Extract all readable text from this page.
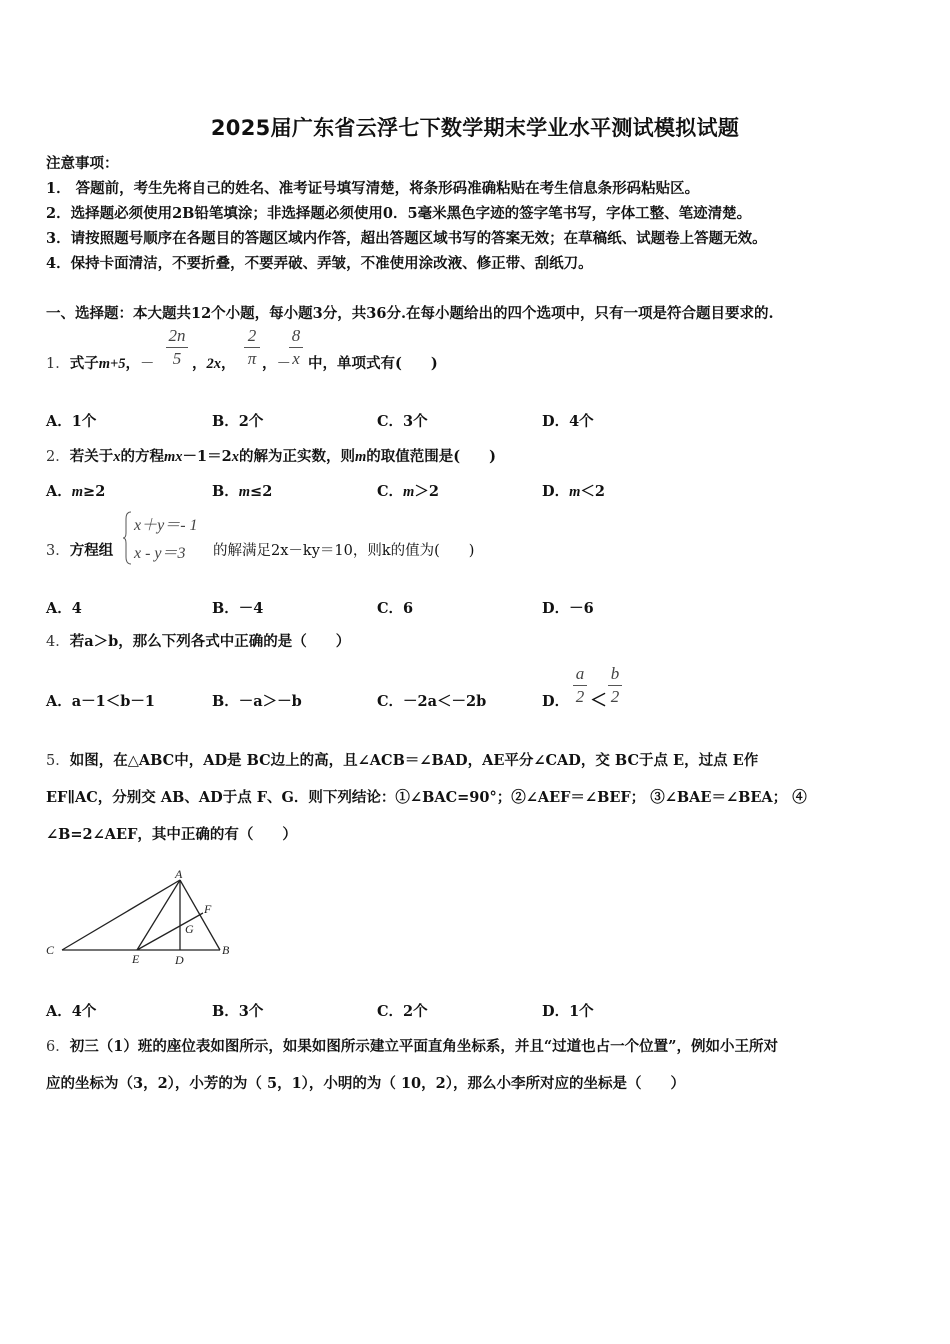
2025届广东省云浮七下数学期末学业水平测试模拟试题
注意事项：
1． 答题前，考生先将自己的姓名、准考证号填写清楚，将条形码准确粘贴在考生信息条形码粘贴区。
2．选择题必须使用2B铅笔填涂；非选择题必须使用0．5毫米黑色字迹的签字笔书写，字体工整、笔迹清楚。
3．请按照题号顺序在各题目的答题区域内作答，超出答题区域书写的答案无效；在草稿纸、试题卷上答题无效。
4．保持卡面清洁，不要折叠，不要弄破、弄皱，不准使用涂改液、修正带、刮纸刀。
一、选择题：本大题共12个小题，每小题3分，共36分.在每小题给出的四个选项中，只有一项是符合题目要求的.
1．式子m+5，－
2n
5 ，2x，
2
π ，－
8
x 中，单项式有(　　)
A．1个	B．2个	C．3个	D．4个
2．若关于x的方程mx－1＝2x的解为正实数，则m的取值范围是(　　)
A．m≥2	B．m≤2	C．m＞2	D．m＜2
3．方程组
x＋y＝- 1
x - y＝3 的解满足2x－ky＝10，则k的值为(　　)
A．4	B．－4	C．6	D．－6
4．若a＞b，那么下列各式中正确的是（　　）
A．a－1＜b－1	B．－a＞－b	C．－2a＜－2b	D．
a
2 ＜
b
2
5．如图，在△ABC中，AD是 BC边上的高，且∠ACB＝∠BAD，AE平分∠CAD，交 BC于点 E，过点 E作
EF∥AC，分别交 AB、AD于点 F、G．则下列结论：①∠BAC=90°；②∠AEF＝∠BEF； ③∠BAE＝∠BEA； ④
∠B=2∠AEF，其中正确的有（　　）
A
F
G
C
E	D
B
A．4个	B．3个	C．2个	D．1个
6．初三（1）班的座位表如图所示，如果如图所示建立平面直角坐标系，并且“过道也占一个位置”，例如小王所对
应的坐标为（3，2），小芳的为（ 5，1），小明的为（ 10，2），那么小李所对应的坐标是（　　）
